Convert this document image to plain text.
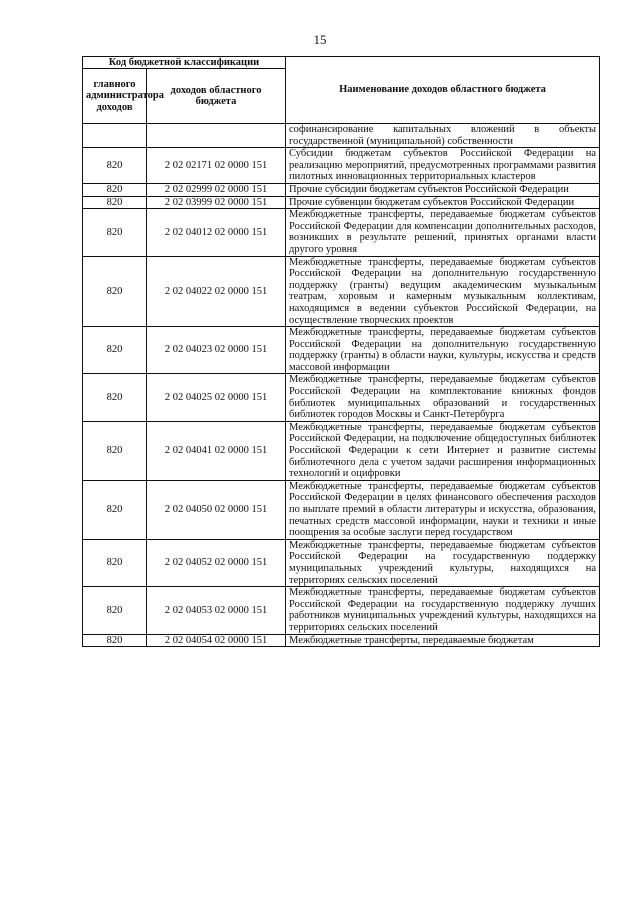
15
Код бюджетной классификации		Наименование доходов областного бюджета
главного администратора доходов	доходов областного бюджета	
		софинансирование капитальных вложений в объекты государственной (муниципальной) собственности
820	2 02 02171 02 0000 151	Субсидии бюджетам субъектов Российской Федерации на реализацию мероприятий, предусмотренных программами развития пилотных инновационных территориальных кластеров
820	2 02 02999 02 0000 151	Прочие субсидии бюджетам субъектов Российской Федерации
820	2 02 03999 02 0000 151	Прочие субвенции бюджетам субъектов Российской Федерации
820	2 02 04012 02 0000 151	Межбюджетные трансферты, передаваемые бюджетам субъектов Российской Федерации для компенсации дополнительных расходов, возникших в результате решений, принятых органами власти другого уровня
820	2 02 04022 02 0000 151	Межбюджетные трансферты, передаваемые бюджетам субъектов Российской Федерации на дополнительную государственную поддержку (гранты) ведущим академическим музыкальным театрам, хоровым и камерным музыкальным коллективам, находящимся в ведении субъектов Российской Федерации, на осуществление творческих проектов
820	2 02 04023 02 0000 151	Межбюджетные трансферты, передаваемые бюджетам субъектов Российской Федерации на дополнительную государственную поддержку (гранты) в области науки, культуры, искусства и средств массовой информации
820	2 02 04025 02 0000 151	Межбюджетные трансферты, передаваемые бюджетам субъектов Российской Федерации на комплектование книжных фондов библиотек муниципальных образований и государственных библиотек городов Москвы и Санкт-Петербурга
820	2 02 04041 02 0000 151	Межбюджетные трансферты, передаваемые бюджетам субъектов Российской Федерации, на подключение общедоступных библиотек Российской Федерации к сети Интернет и развитие системы библиотечного дела с учетом задачи расширения информационных технологий и оцифровки
820	2 02 04050 02 0000 151	Межбюджетные трансферты, передаваемые бюджетам субъектов Российской Федерации в целях финансового обеспечения расходов по выплате премий в области литературы и искусства, образования, печатных средств массовой информации, науки и техники и иные поощрения за особые заслуги перед государством
820	2 02 04052 02 0000 151	Межбюджетные трансферты, передаваемые бюджетам субъектов Российской Федерации на государственную поддержку муниципальных учреждений культуры, находящихся на территориях сельских поселений
820	2 02 04053 02 0000 151	Межбюджетные трансферты, передаваемые бюджетам субъектов Российской Федерации на государственную поддержку лучших работников муниципальных учреждений культуры, находящихся на территориях сельских поселений
820	2 02 04054 02 0000 151	Межбюджетные трансферты, передаваемые бюджетам
